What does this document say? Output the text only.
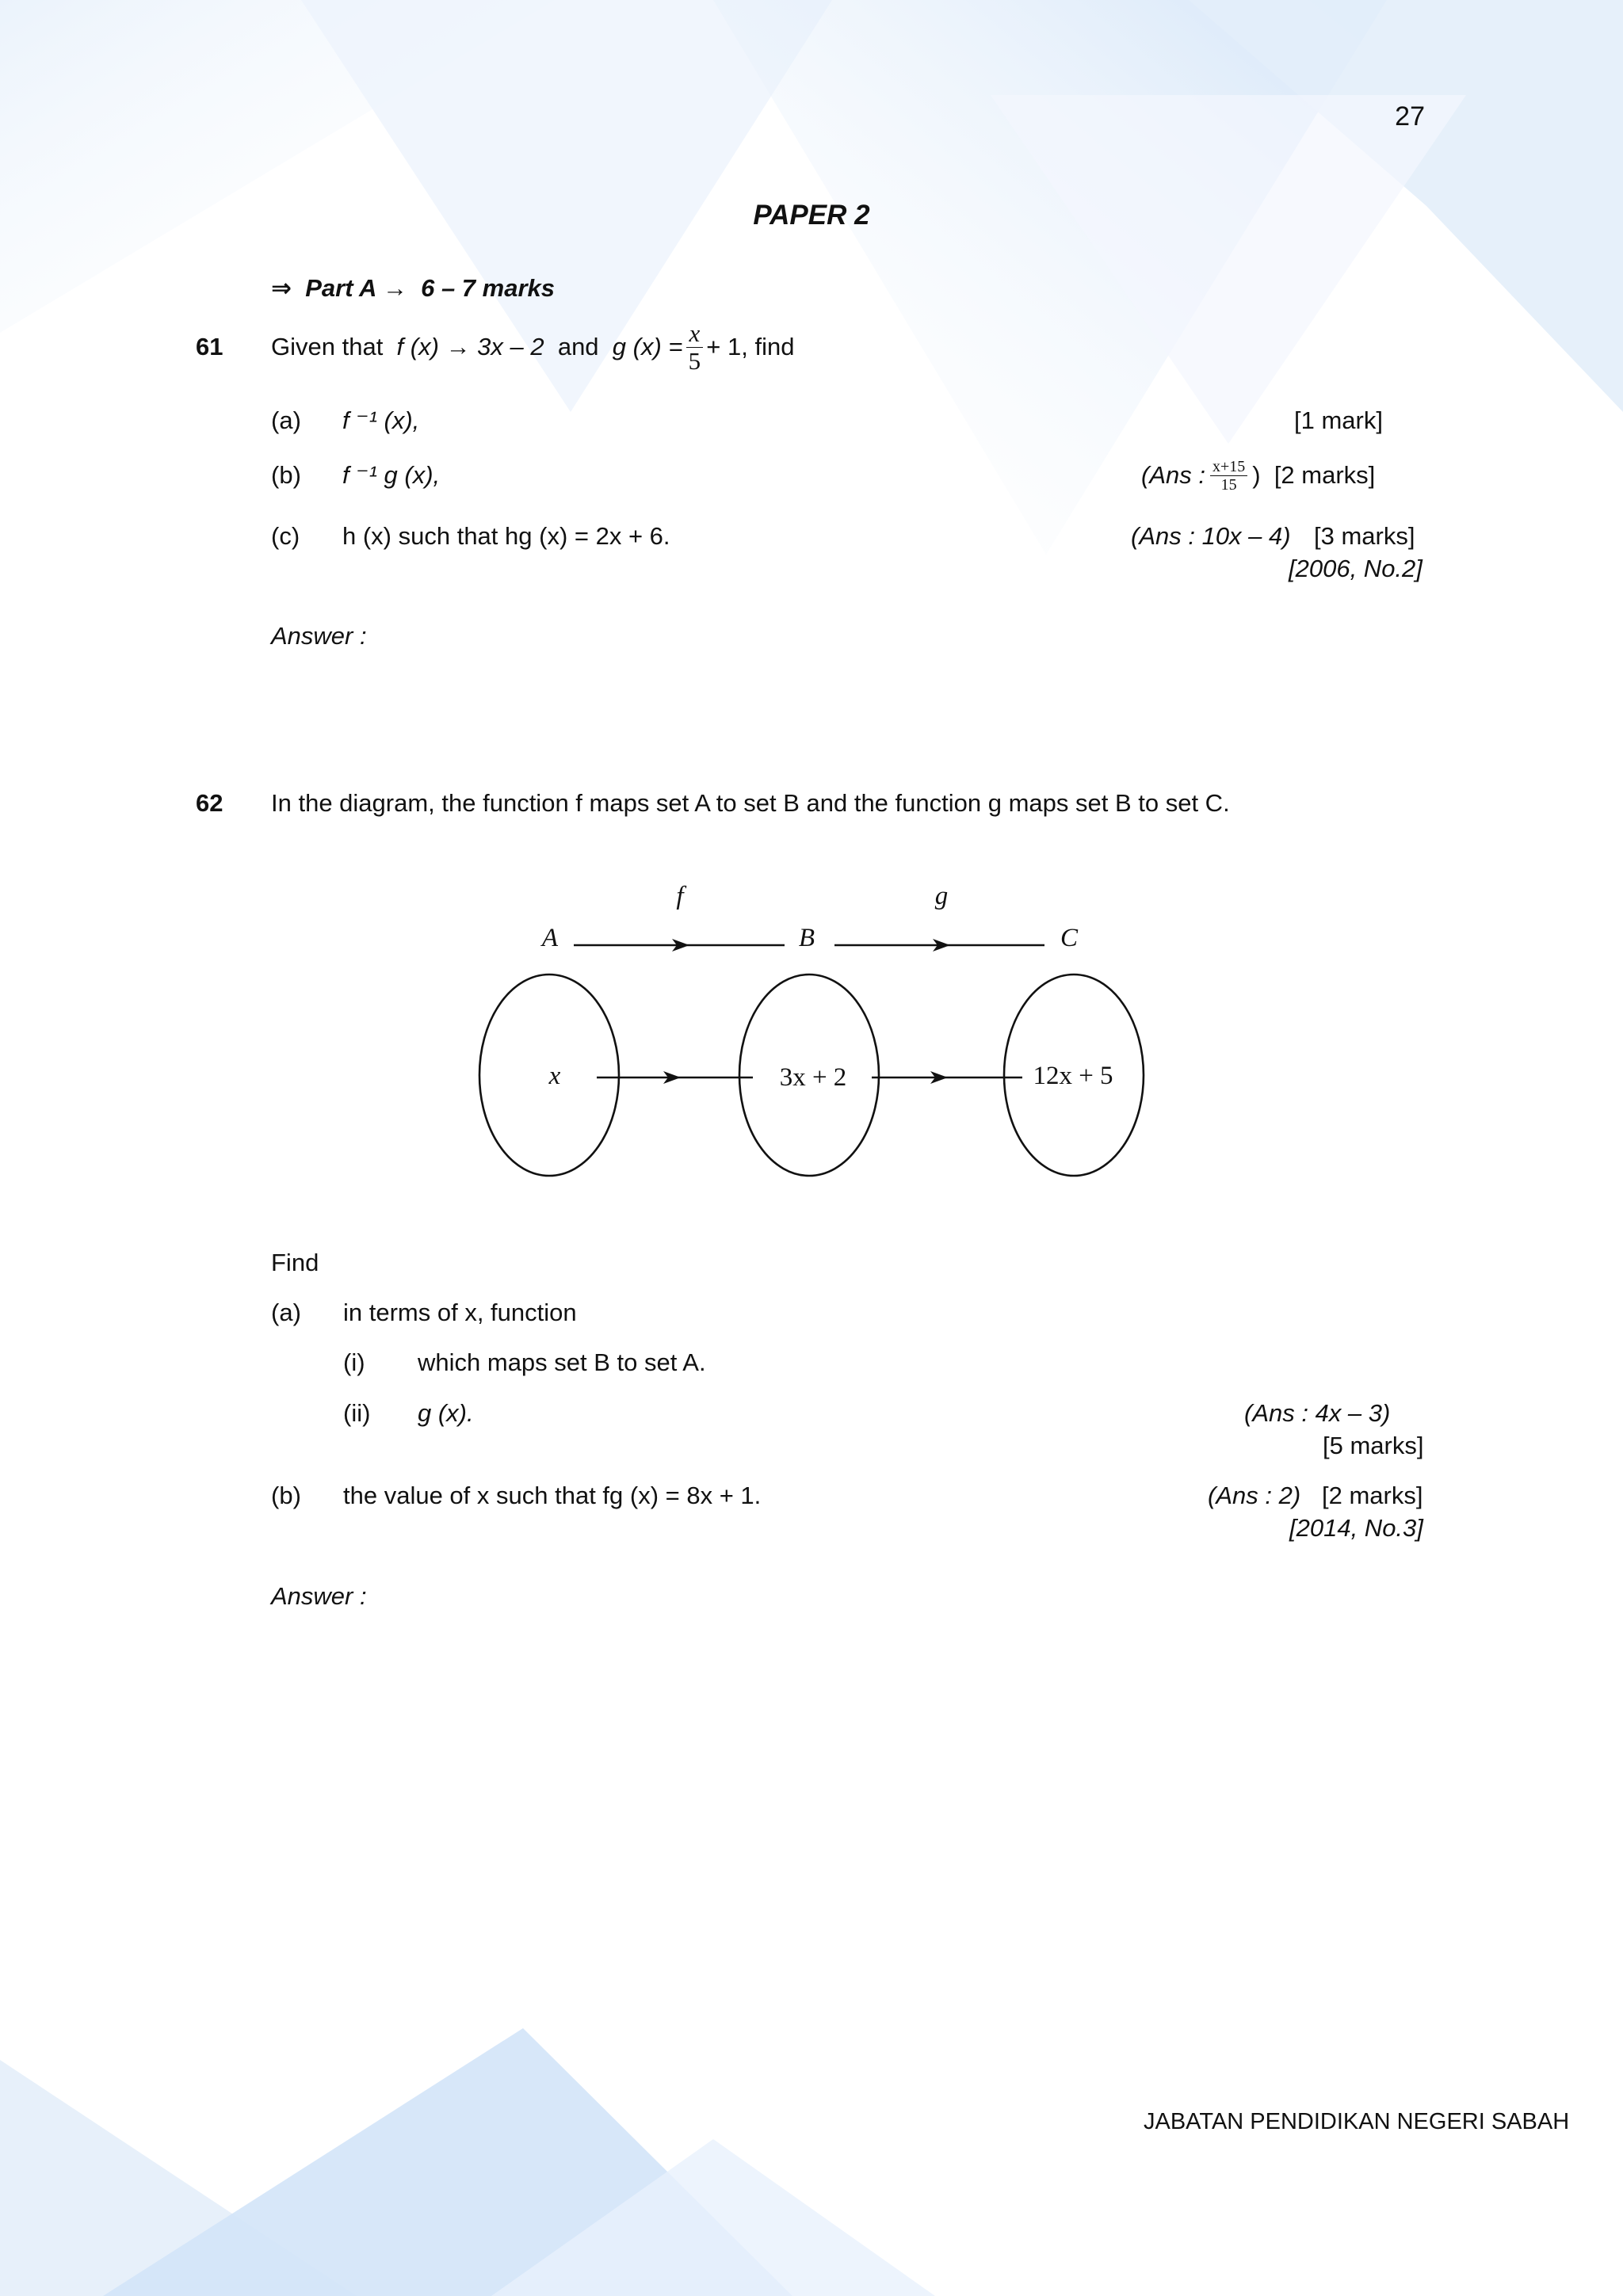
27
PAPER 2
⇒ Part A → 6 – 7 marks
61 Given that
f (x) → 3x – 2
and
g $(x) = \frac{x}{5} + 1$, find
(a) f ⁻¹ (x),	[1 mark]
(b) f ⁻¹ g (x),	(Ans : $\frac{x+15}{15}$ )
[2 marks]
(c) h (x) such that hg (x) = 2x + 6.	(Ans : 10x – 4) [3 marks]
[2006, No.2]
Answer :
62 In the diagram, the function f maps set A to set B and the function g maps set B to set C.
f	g
A	B	C
x	3x + 2	12x + 5
Find
(a) in terms of x, function
(i) which maps set B to set A.
(ii) g (x).	(Ans : 4x – 3)
[5 marks]
(b) the value of x such that fg (x) = 8x + 1.	(Ans : 2) [2 marks]
[2014, No.3]
Answer :
JABATAN PENDIDIKAN NEGERI SABAH
